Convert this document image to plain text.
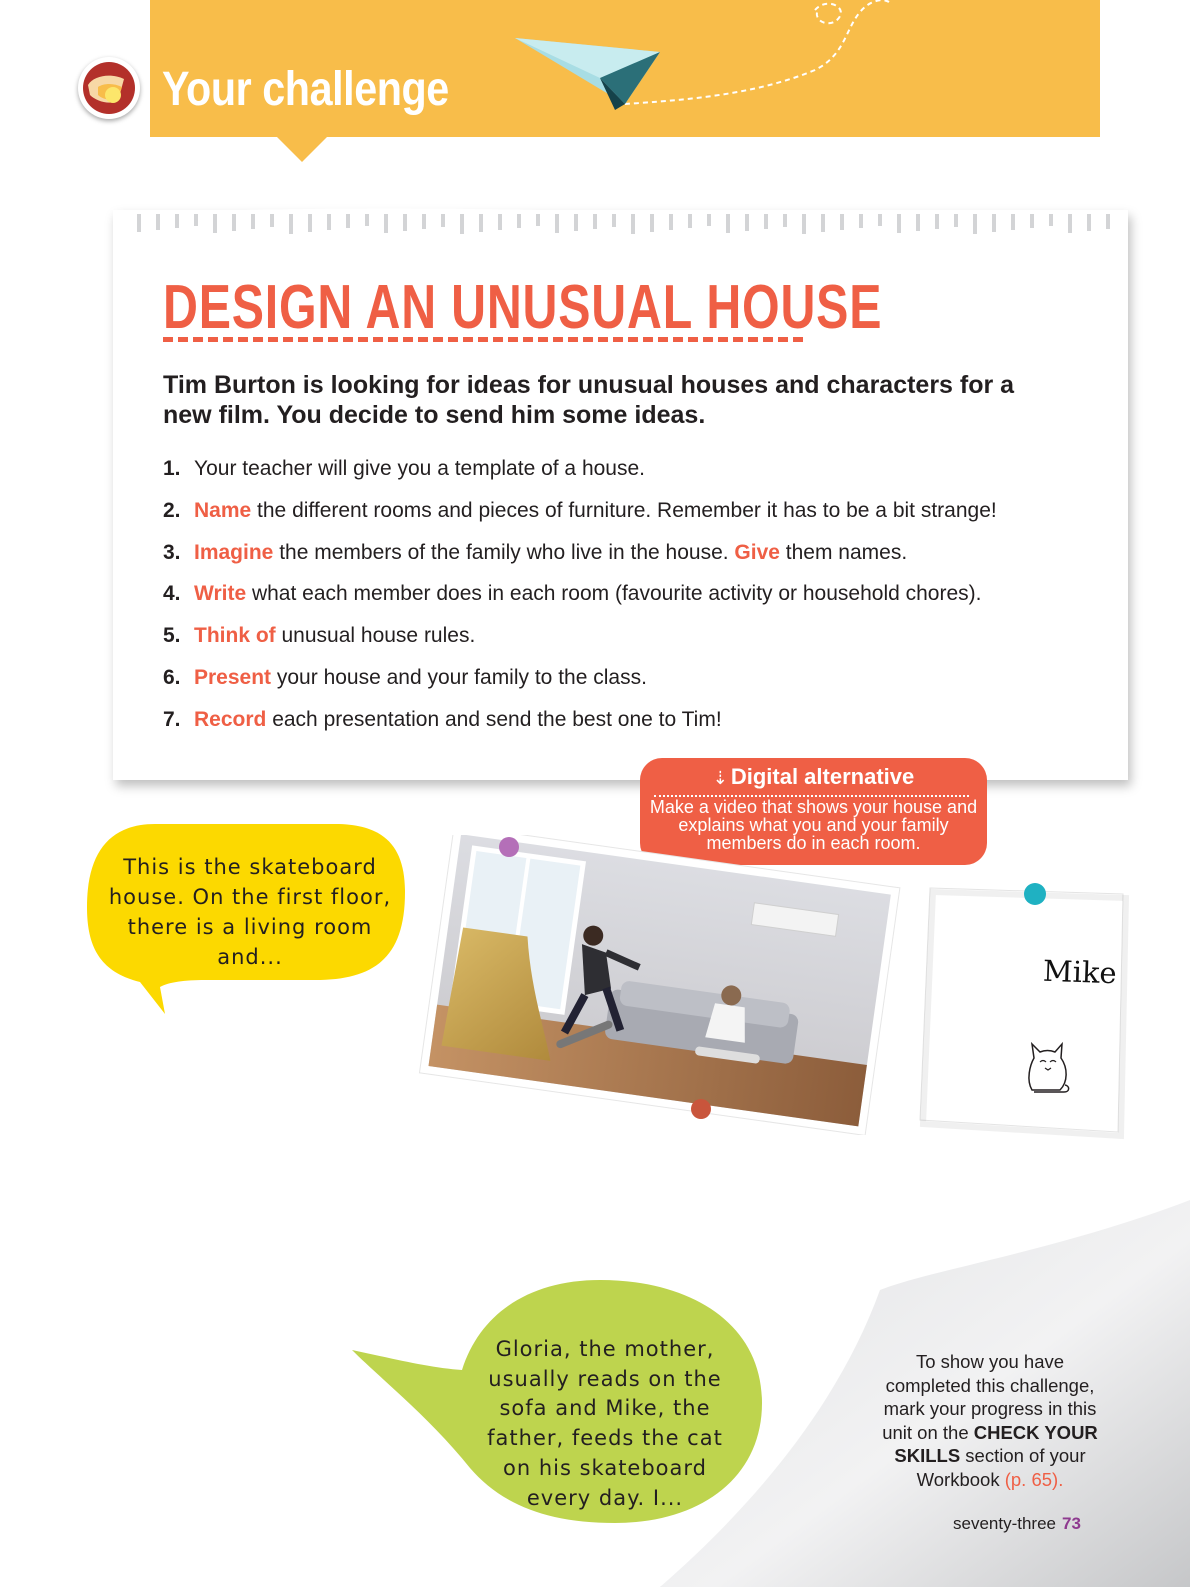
Your challenge
DESIGN AN UNUSUAL HOUSE
Tim Burton is looking for ideas for unusual houses and characters for a new film. You decide to send him some ideas.
1. Your teacher will give you a template of a house.
2. Name the different rooms and pieces of furniture. Remember it has to be a bit strange!
3. Imagine the members of the family who live in the house. Give them names.
4. Write what each member does in each room (favourite activity or household chores).
5. Think of unusual house rules.
6. Present your house and your family to the class.
7. Record each presentation and send the best one to Tim!
⇣ Digital alternative
Make a video that shows your house and explains what you and your family members do in each room.
This is the skateboard house. On the first floor, there is a living room and...	Mike
Gloria, the mother, usually reads on the sofa and Mike, the father, feeds the cat on his skateboard every day. I...
To show you have
completed this challenge,
mark your progress in this
unit on the CHECK YOUR
SKILLS section of your
Workbook (p. 65).
seventy-three 73
